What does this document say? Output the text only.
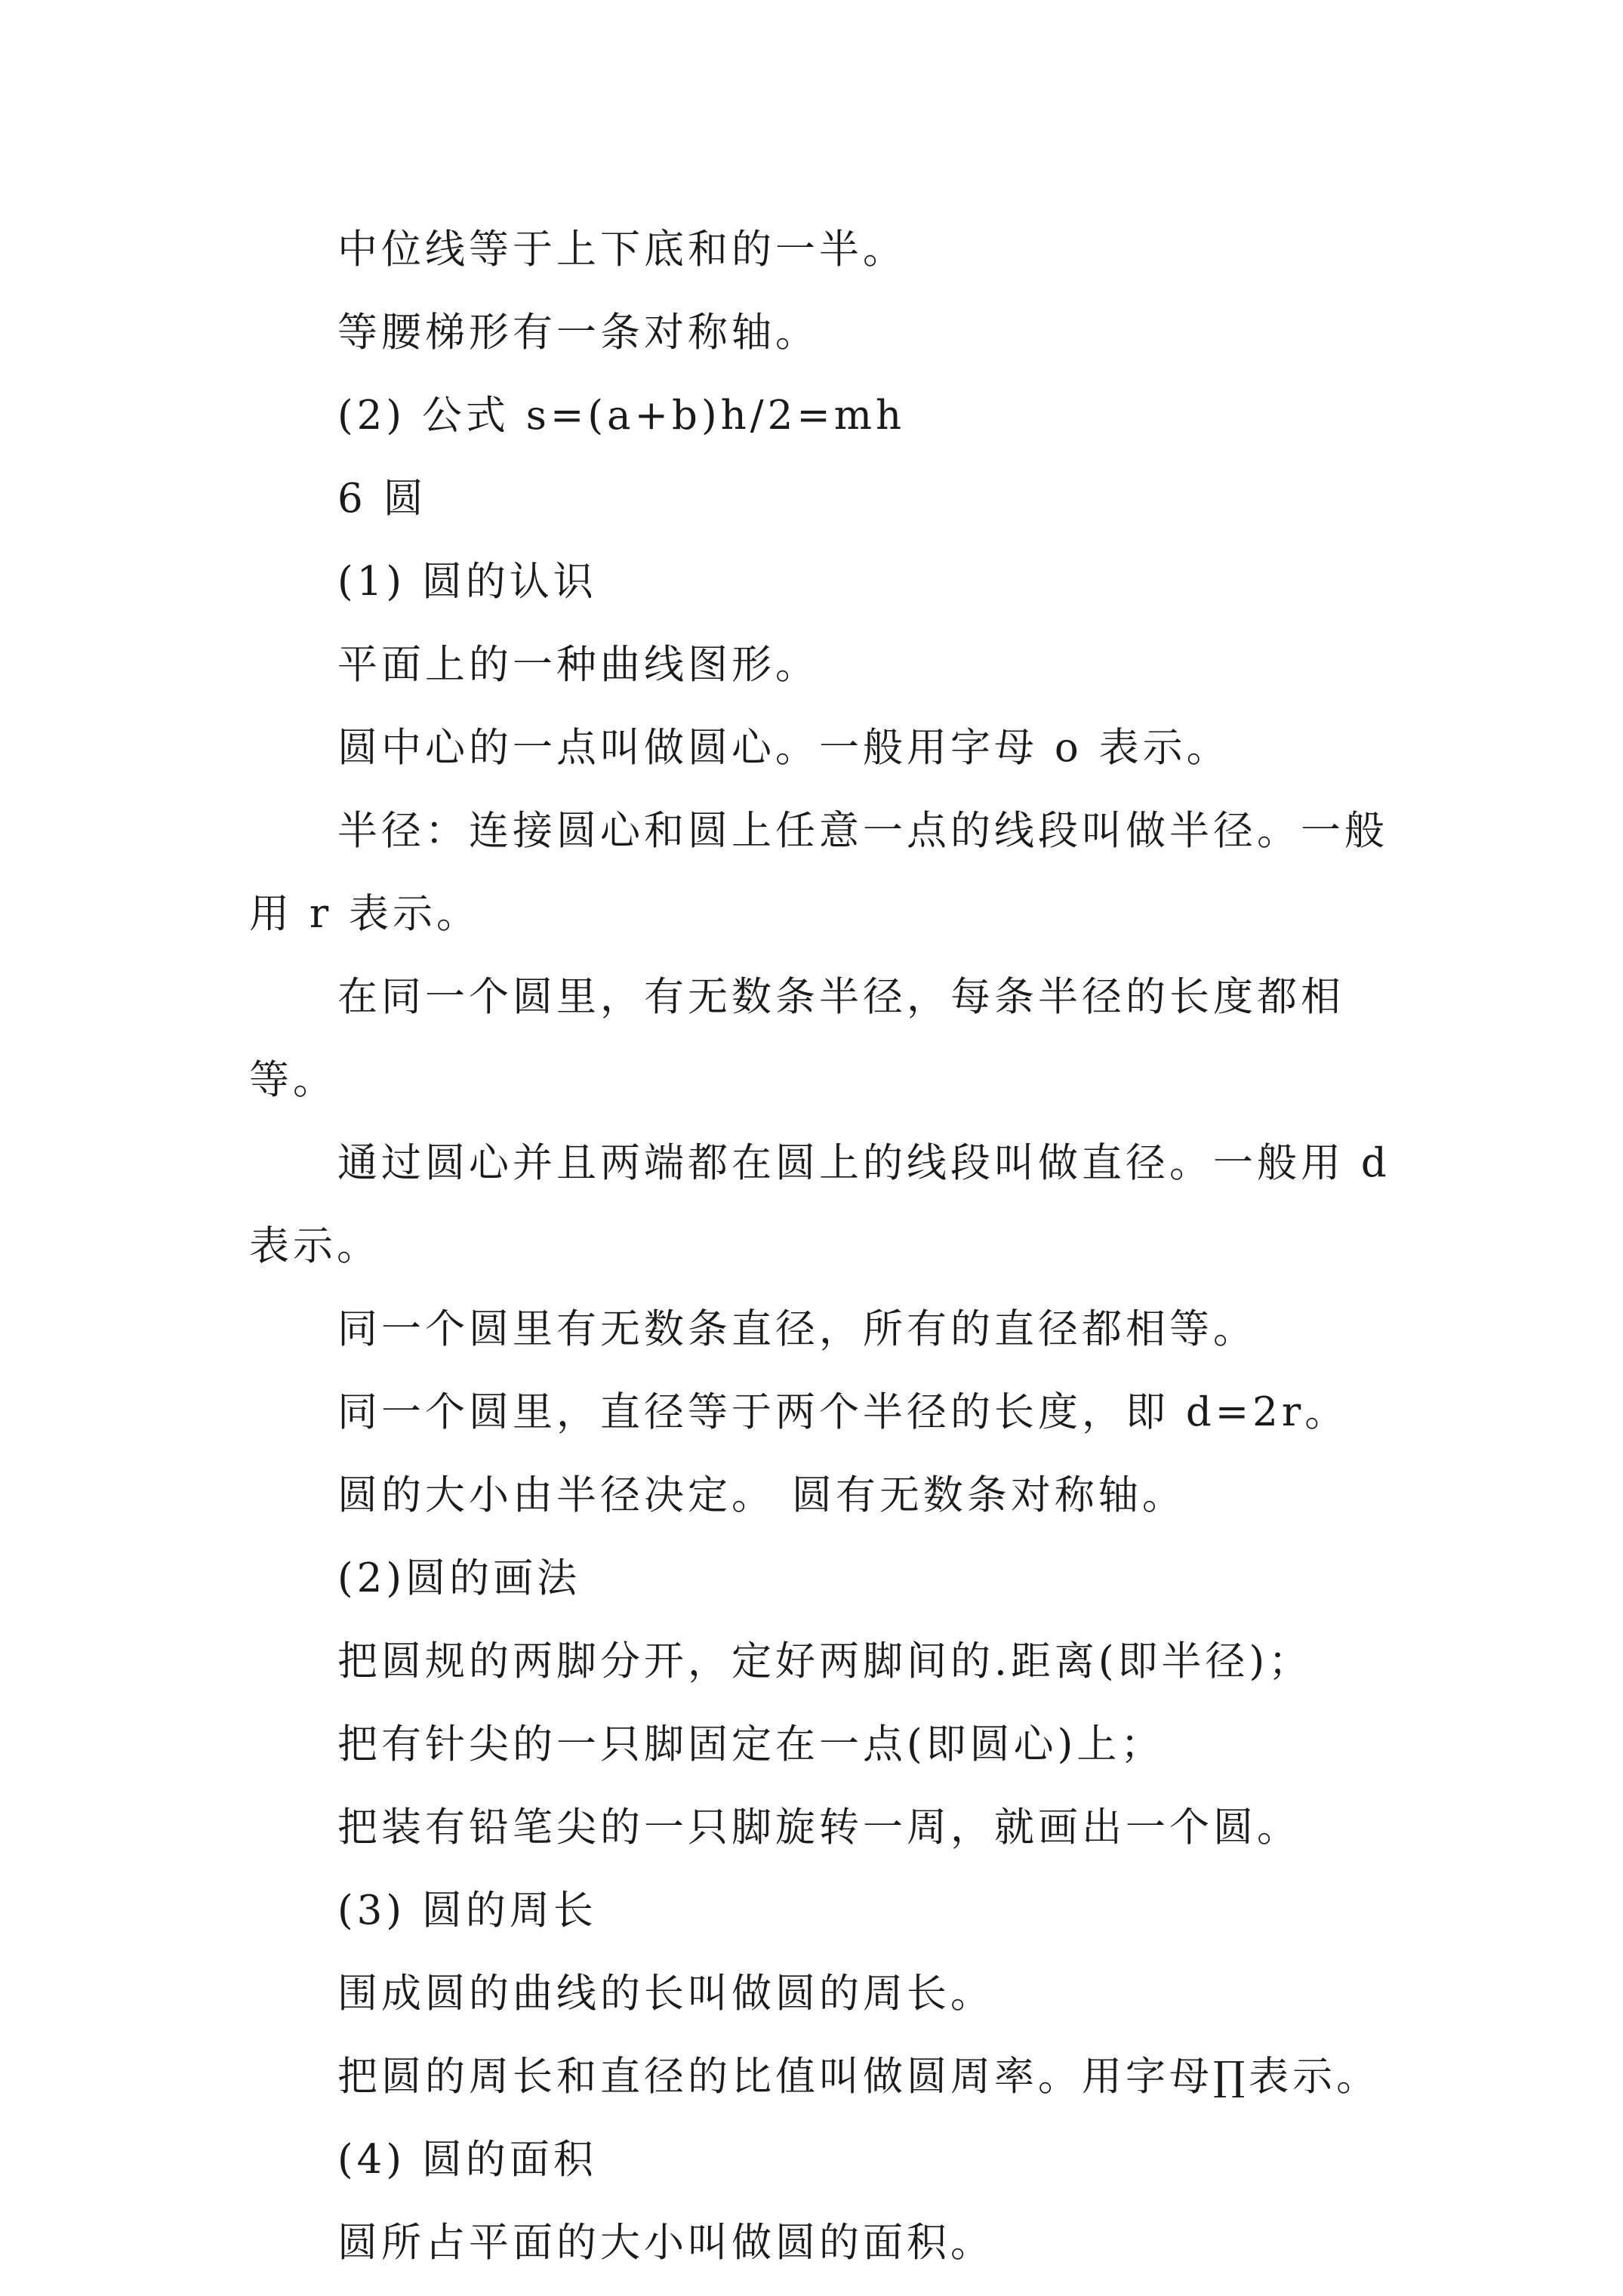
中位线等于上下底和的一半。

等腰梯形有一条对称轴。

(2) 公式 s=(a+b)h/2=mh

6 圆

(1) 圆的认识

平面上的一种曲线图形。

圆中心的一点叫做圆心。一般用字母 o 表示。

半径：连接圆心和圆上任意一点的线段叫做半径。一般用 r 表示。

在同一个圆里，有无数条半径，每条半径的长度都相等。

通过圆心并且两端都在圆上的线段叫做直径。一般用 d 表示。

同一个圆里有无数条直径，所有的直径都相等。

同一个圆里，直径等于两个半径的长度，即 d=2r。

圆的大小由半径决定。 圆有无数条对称轴。

(2)圆的画法

把圆规的两脚分开，定好两脚间的.距离(即半径)；

把有针尖的一只脚固定在一点(即圆心)上；

把装有铅笔尖的一只脚旋转一周，就画出一个圆。

(3) 圆的周长

围成圆的曲线的长叫做圆的周长。

把圆的周长和直径的比值叫做圆周率。用字母∏表示。

(4) 圆的面积

圆所占平面的大小叫做圆的面积。
